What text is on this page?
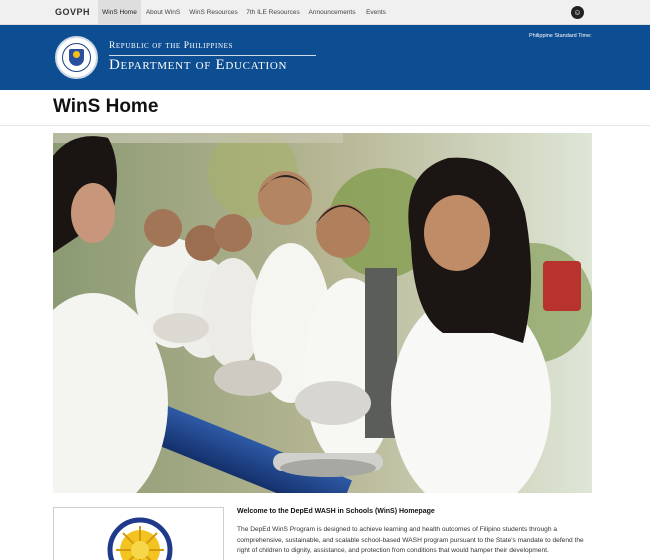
GOVPH	WinS Home	About WinS	WinS Resources	7th ILE Resources	Announcements	Events	☺
Republic of the Philippines
Department of Education
Philippine Standard Time:
WinS Home
Welcome to the DepEd WASH in Schools (WinS) Homepage
The DepEd WinS Program is designed to achieve learning and health outcomes of Filipino students through a comprehensive, sustainable, and scalable school-based WASH program pursuant to the State's mandate to defend the right of children to dignity, assistance, and protection from conditions that would hamper their development.
